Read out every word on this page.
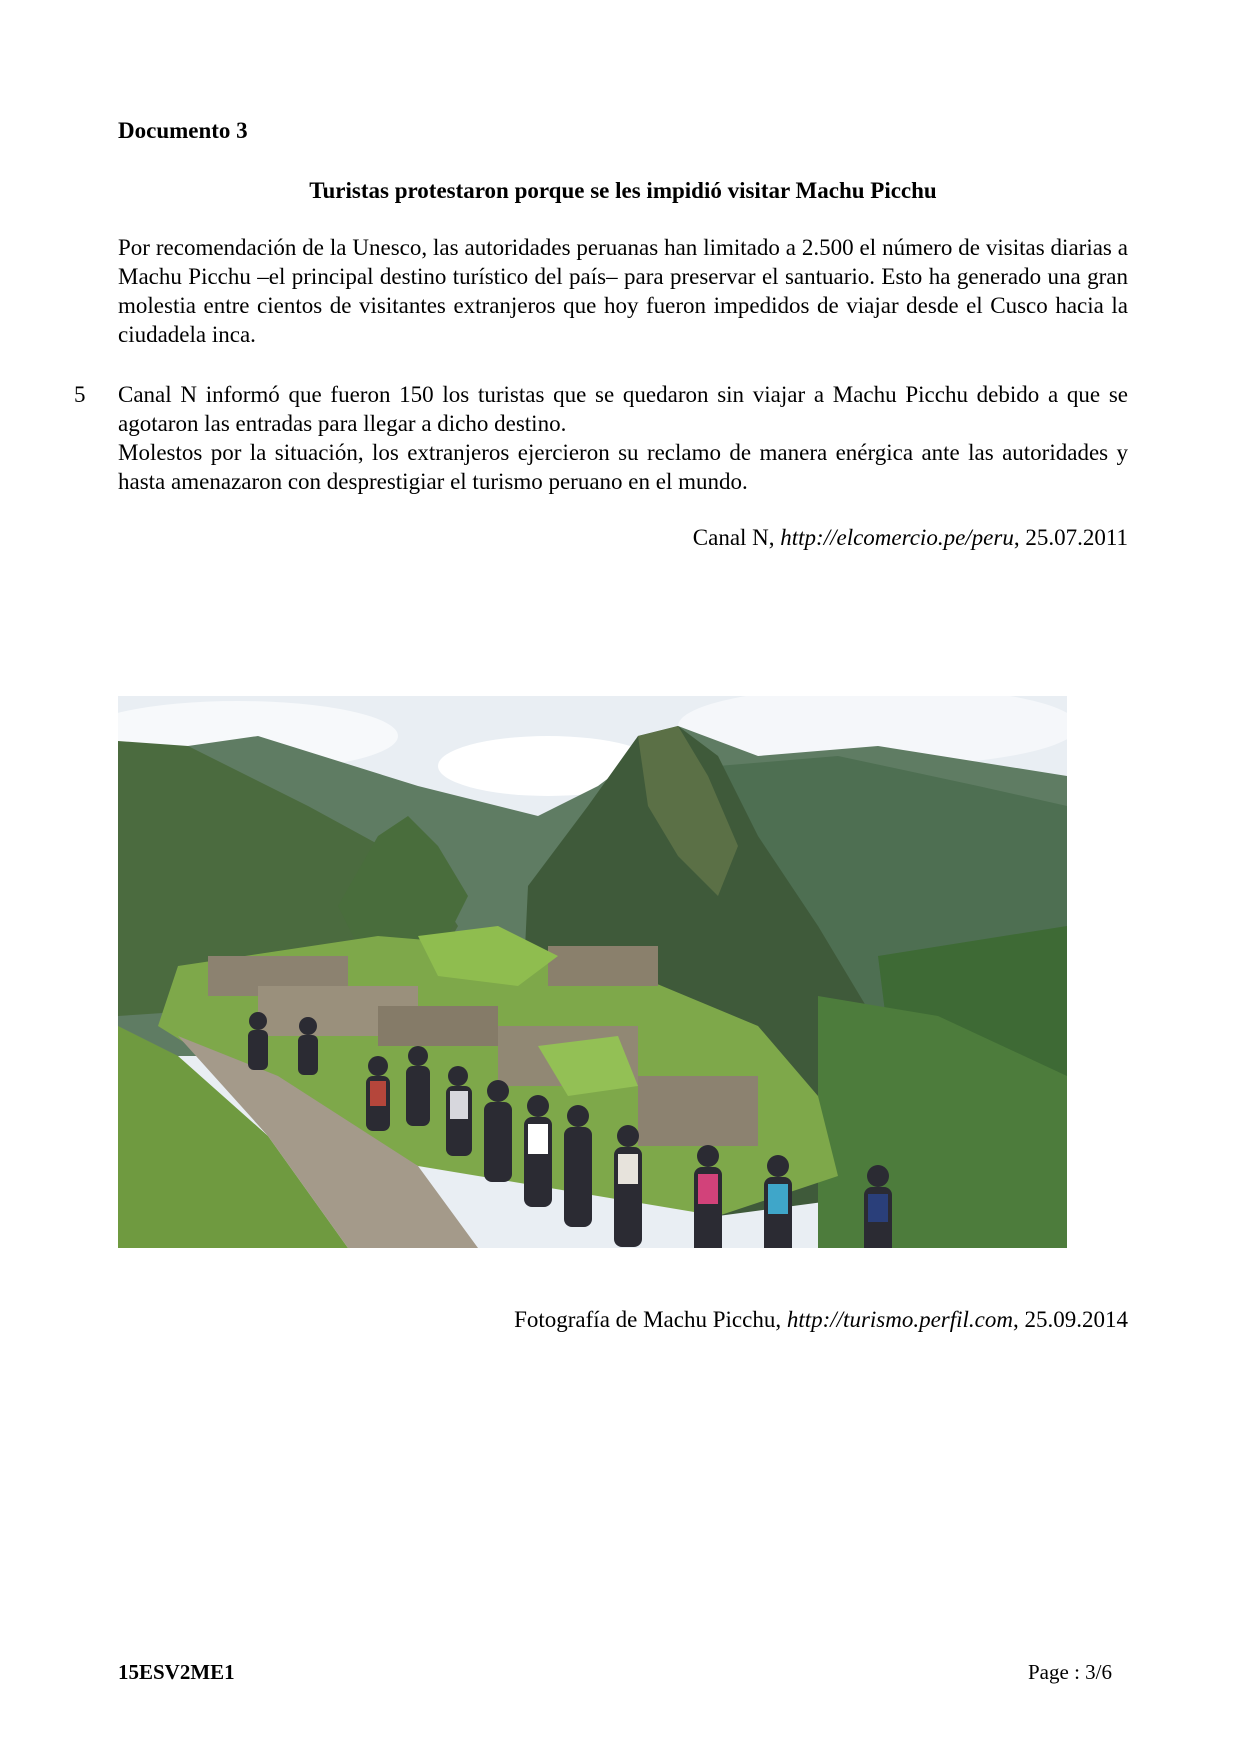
Documento 3
Turistas protestaron porque se les impidió visitar Machu Picchu

Por recomendación de la Unesco, las autoridades peruanas han limitado a 2.500 el número de visitas diarias a Machu Picchu ‒el principal destino turístico del país‒ para preservar el santuario. Esto ha generado una gran molestia entre cientos de visitantes extranjeros que hoy fueron impedidos de viajar desde el Cusco hacia la ciudadela inca.

5 Canal N informó que fueron 150 los turistas que se quedaron sin viajar a Machu Picchu debido a que se agotaron las entradas para llegar a dicho destino.

Molestos por la situación, los extranjeros ejercieron su reclamo de manera enérgica ante las autoridades y hasta amenazaron con desprestigiar el turismo peruano en el mundo.

Canal N, http://elcomercio.pe/peru, 25.07.2011
Fotografía de Machu Picchu, http://turismo.perfil.com, 25.09.2014
15ESV2ME1	Page : 3/6
